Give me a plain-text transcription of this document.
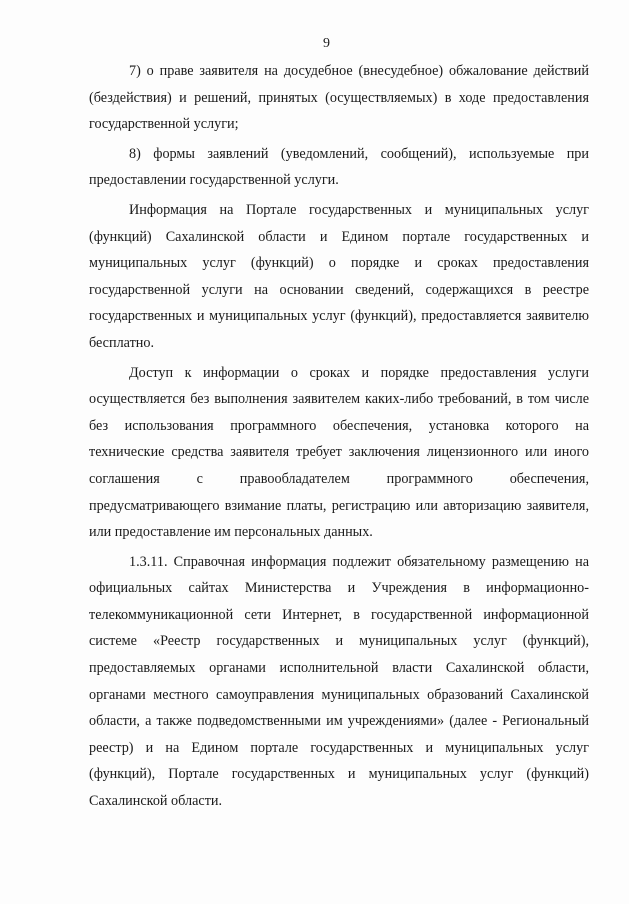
9

7) о праве заявителя на досудебное (внесудебное) обжалование действий (бездействия) и решений, принятых (осуществляемых) в ходе предоставления государственной услуги;

8) формы заявлений (уведомлений, сообщений), используемые при предоставлении государственной услуги.

Информация на Портале государственных и муниципальных услуг (функций) Сахалинской области и Едином портале государственных и муниципальных услуг (функций) о порядке и сроках предоставления государственной услуги на основании сведений, содержащихся в реестре государственных и муниципальных услуг (функций), предоставляется заявителю бесплатно.

Доступ к информации о сроках и порядке предоставления услуги осуществляется без выполнения заявителем каких-либо требований, в том числе без использования программного обеспечения, установка которого на технические средства заявителя требует заключения лицензионного или иного соглашения с правообладателем программного обеспечения, предусматривающего взимание платы, регистрацию или авторизацию заявителя, или предоставление им персональных данных.

1.3.11. Справочная информация подлежит обязательному размещению на официальных сайтах Министерства и Учреждения в информационно-телекоммуникационной сети Интернет, в государственной информационной системе «Реестр государственных и муниципальных услуг (функций), предоставляемых органами исполнительной власти Сахалинской области, органами местного самоуправления муниципальных образований Сахалинской области, а также подведомственными им учреждениями» (далее - Региональный реестр) и на Едином портале государственных и муниципальных услуг (функций), Портале государственных и муниципальных услуг (функций) Сахалинской области.
